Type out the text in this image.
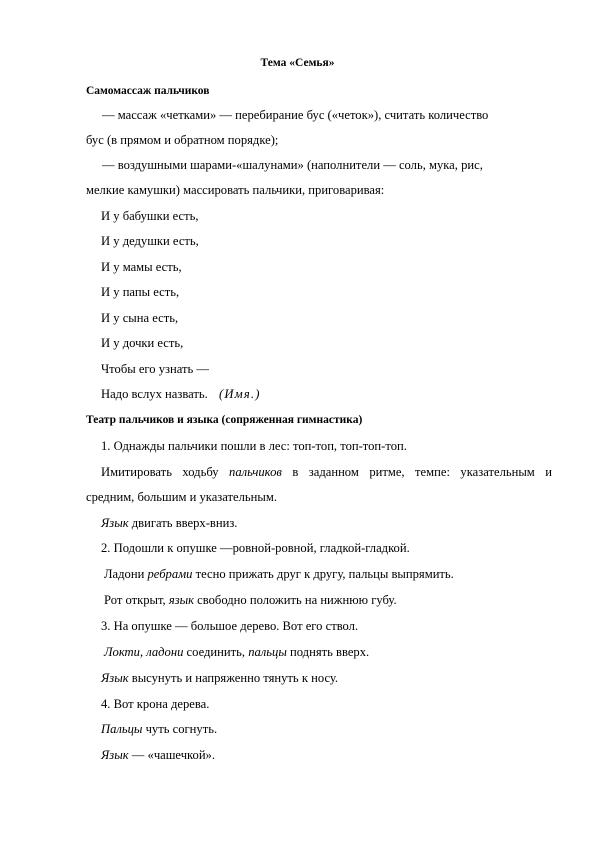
Тема «Семья»
Самомассаж пальчиков
— массаж «четками» — перебирание бус («четок»), считать количество
бус (в прямом и обратном порядке);
— воздушными шарами-«шалунами» (наполнители — соль, мука, рис,
мелкие камушки) массировать пальчики, приговаривая:
И у бабушки есть,
И у дедушки есть,
И у мамы есть,
И у папы есть,
И у сына есть,
И у дочки есть,
Чтобы его узнать —
Надо вслух назвать. (Имя.)
Театр пальчиков и языка (сопряженная гимнастика)
1. Однажды пальчики пошли в лес: топ-топ, топ-топ-топ.
Имитировать ходьбу пальчиков в заданном ритме, темпе: указательным и
средним, большим и указательным.
Язык двигать вверх-вниз.
2. Подошли к опушке —ровной-ровной, гладкой-гладкой.
Ладони ребрами тесно прижать друг к другу, пальцы выпрямить.
Рот открыт, язык свободно положить на нижнюю губу.
3. На опушке — большое дерево. Вот его ствол.
Локти, ладони соединить, пальцы поднять вверх.
Язык высунуть и напряженно тянуть к носу.
4. Вот крона дерева.
Пальцы чуть согнуть.
Язык — «чашечкой».
